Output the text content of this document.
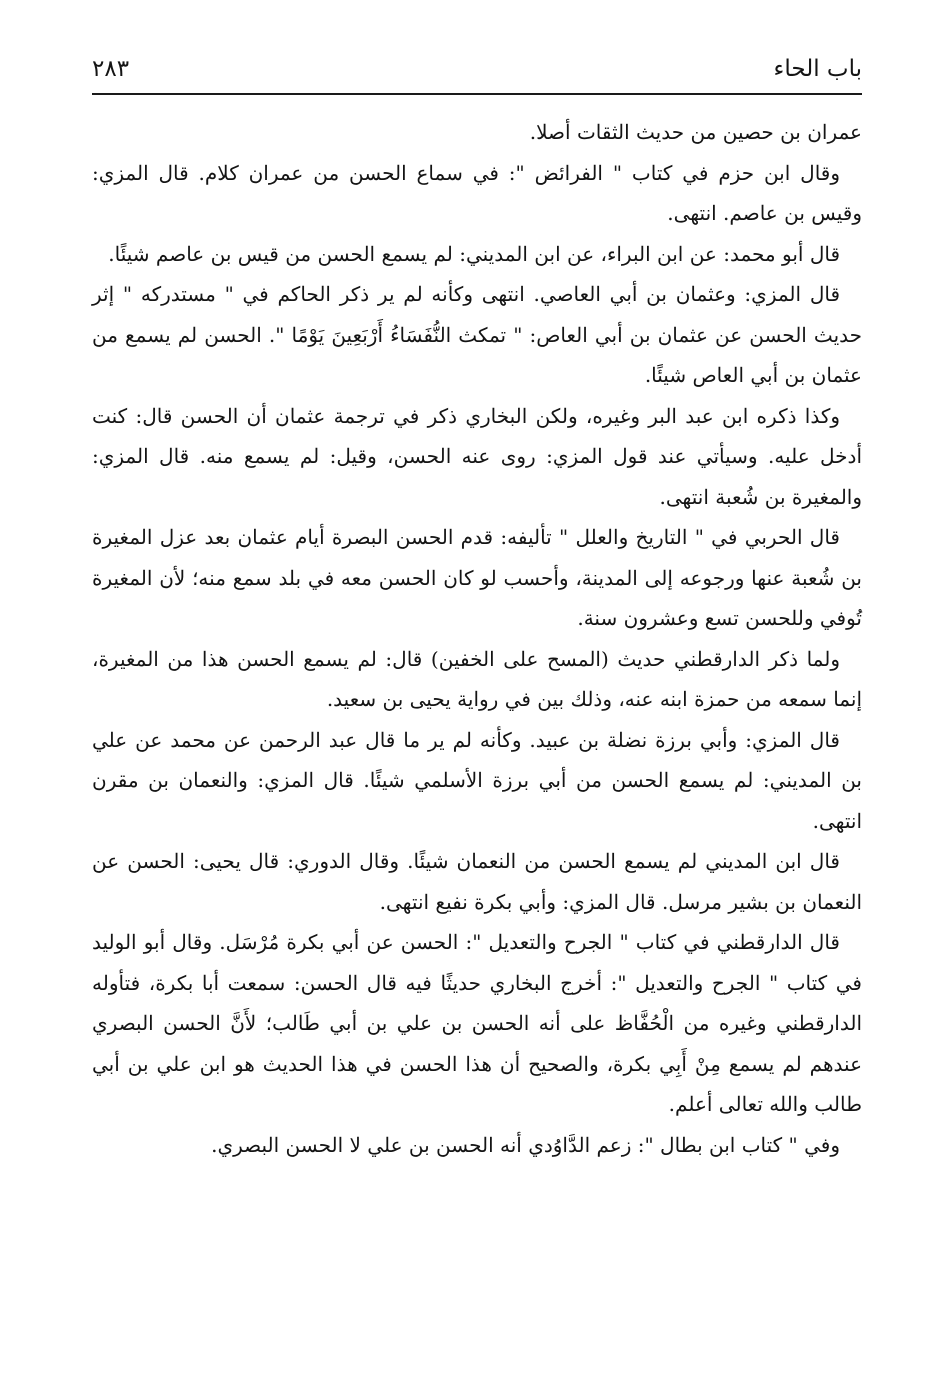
باب الحاء
٢٨٣

عمران بن حصين من حديث الثقات أصلا.

وقال ابن حزم في كتاب " الفرائض ": في سماع الحسن من عمران كلام. قال المزي: وقيس بن عاصم. انتهى.

قال أبو محمد: عن ابن البراء، عن ابن المديني: لم يسمع الحسن من قيس بن عاصم شيئًا.

قال المزي: وعثمان بن أبي العاصي. انتهى وكأنه لم ير ذكر الحاكم في " مستدركه " إثر حديث الحسن عن عثمان بن أبي العاص: " تمكث النُّفَسَاءُ أَرْبَعِينَ يَوْمًا ". الحسن لم يسمع من عثمان بن أبي العاص شيئًا.

وكذا ذكره ابن عبد البر وغيره، ولكن البخاري ذكر في ترجمة عثمان أن الحسن قال: كنت أدخل عليه. وسيأتي عند قول المزي: روى عنه الحسن، وقيل: لم يسمع منه. قال المزي: والمغيرة بن شُعبة انتهى.

قال الحربي في " التاريخ والعلل " تأليفه: قدم الحسن البصرة أيام عثمان بعد عزل المغيرة بن شُعبة عنها ورجوعه إلى المدينة، وأحسب لو كان الحسن معه في بلد سمع منه؛ لأن المغيرة تُوفي وللحسن تسع وعشرون سنة.

ولما ذكر الدارقطني حديث (المسح على الخفين) قال: لم يسمع الحسن هذا من المغيرة، إنما سمعه من حمزة ابنه عنه، وذلك بين في رواية يحيى بن سعيد.

قال المزي: وأبي برزة نضلة بن عبيد. وكأنه لم ير ما قال عبد الرحمن عن محمد عن علي بن المديني: لم يسمع الحسن من أبي برزة الأسلمي شيئًا. قال المزي: والنعمان بن مقرن انتهى.

قال ابن المديني لم يسمع الحسن من النعمان شيئًا. وقال الدوري: قال يحيى: الحسن عن النعمان بن بشير مرسل. قال المزي: وأبي بكرة نفيع انتهى.

قال الدارقطني في كتاب " الجرح والتعديل ": الحسن عن أبي بكرة مُرْسَل. وقال أبو الوليد في كتاب " الجرح والتعديل ": أخرج البخاري حديثًا فيه قال الحسن: سمعت أبا بكرة، فتأوله الدارقطني وغيره من الْحُفَّاظ على أنه الحسن بن علي بن أبي طَالب؛ لأَنَّ الحسن البصري عندهم لم يسمع مِنْ أَبِي بكرة، والصحيح أن هذا الحسن في هذا الحديث هو ابن علي بن أبي طالب والله تعالى أعلم.

وفي " كتاب ابن بطال ": زعم الدَّاوُدي أنه الحسن بن علي لا الحسن البصري.
